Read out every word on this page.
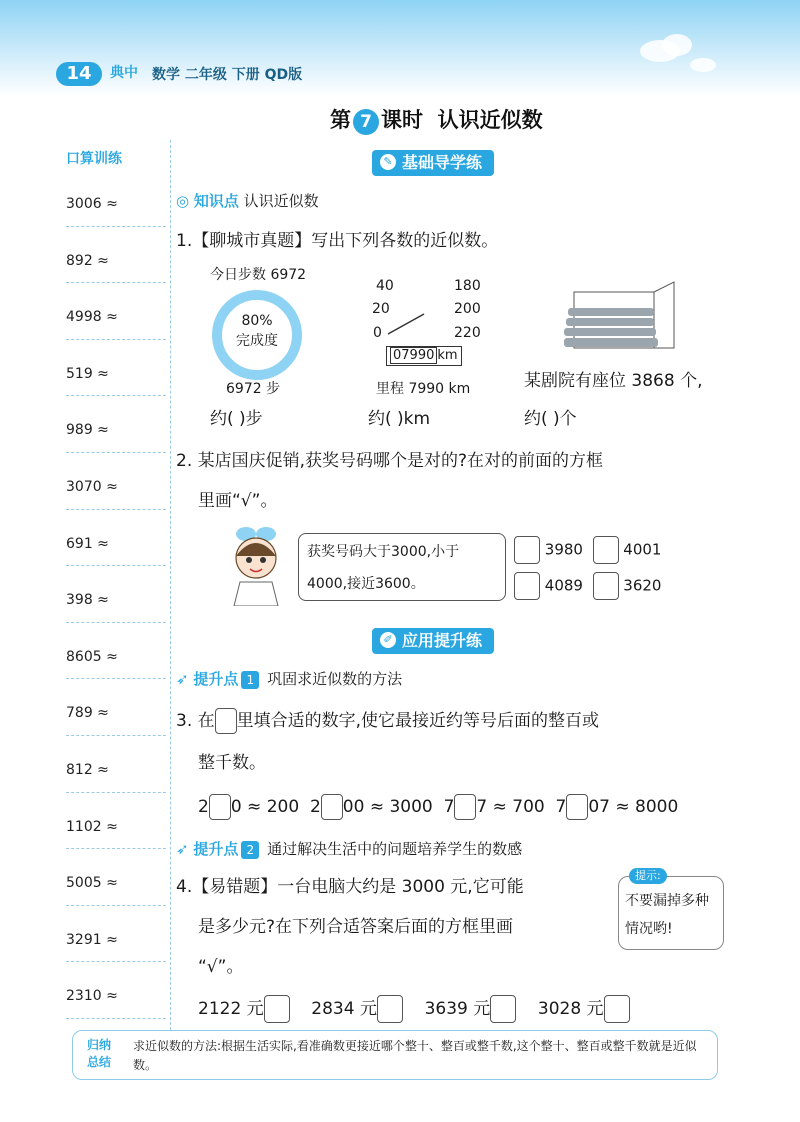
14	典中 数学 二年级 下册 QD版
第 7 课时 认识近似数
口算训练
3006 ≈
892 ≈
4998 ≈
519 ≈
989 ≈
3070 ≈
691 ≈
398 ≈
8605 ≈
789 ≈
812 ≈
1102 ≈
5005 ≈
3291 ≈
2310 ≈
✎ 基础导学练
◎ 知识点 认识近似数
1.【聊城市真题】写出下列各数的近似数。
今日步数 6972
80%
完成度
6972 步
40
20
0
180
200
220
07990 km
里程 7990 km	某剧院有座位 3868 个,
约( )步	约( )km	约( )个
2. 某店国庆促销,获奖号码哪个是对的?在对的前面的方框
里画“√”。
获奖号码大于3000,小于
4000,接近3600。
3980	4001
4089	3620
✐ 应用提升练
➶ 提升点 1 巩固求近似数的方法
3. 在 里填合适的数字,使它最接近约等号后面的整百或
整千数。
2 0 ≈ 200 2 00 ≈ 3000 7 7 ≈ 700 7 07 ≈ 8000
➶ 提升点 2 通过解决生活中的问题培养学生的数感
4.【易错题】一台电脑大约是 3000 元,它可能
是多少元?在下列合适答案后面的方框里画
“√”。
提示:
不要漏掉多种情况哟!
2122 元	2834 元	3639 元	3028 元
归纳总结
求近似数的方法:根据生活实际,看准确数更接近哪个整十、整百或整千数,这个整十、整百或整千数就是近似数。
